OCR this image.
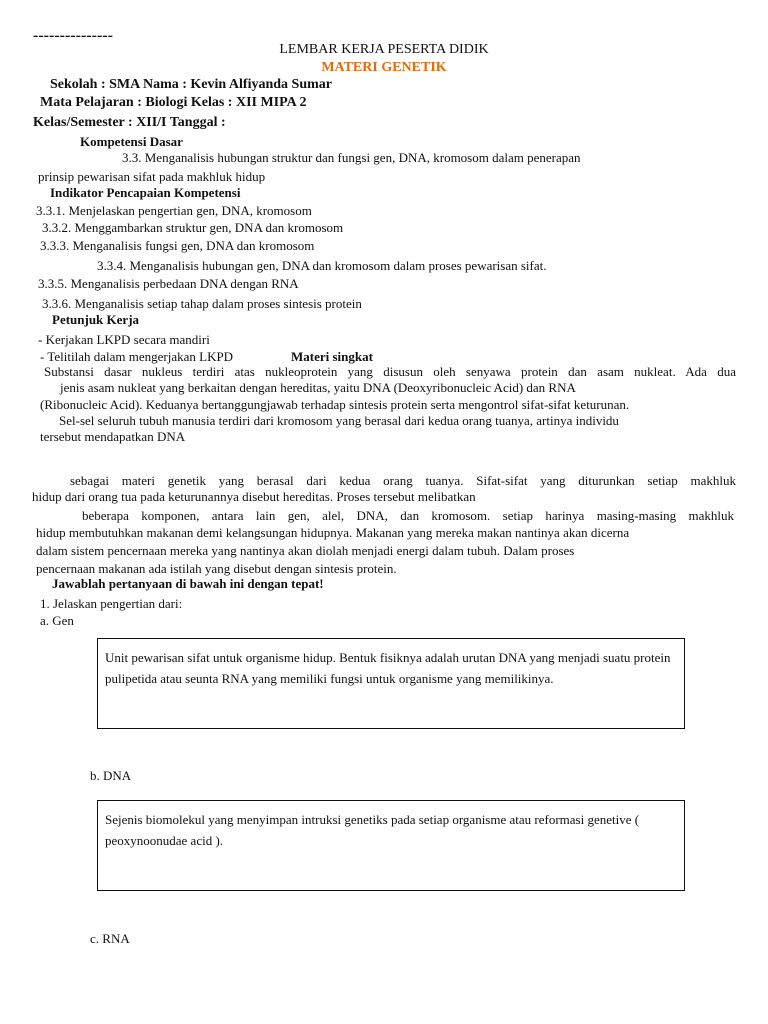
---------------
LEMBAR KERJA PESERTA DIDIK
MATERI GENETIK
Sekolah : SMA Nama : Kevin Alfiyanda Sumar
Mata Pelajaran : Biologi Kelas : XII MIPA 2
Kelas/Semester : XII/I Tanggal :
Kompetensi Dasar
3.3. Menganalisis hubungan struktur dan fungsi gen, DNA, kromosom dalam penerapan
prinsip pewarisan sifat pada makhluk hidup
Indikator Pencapaian Kompetensi
3.3.1. Menjelaskan pengertian gen, DNA, kromosom
3.3.2. Menggambarkan struktur gen, DNA dan kromosom
3.3.3. Menganalisis fungsi gen, DNA dan kromosom
3.3.4. Menganalisis hubungan gen, DNA dan kromosom dalam proses pewarisan sifat.
3.3.5. Menganalisis perbedaan DNA dengan RNA
3.3.6. Menganalisis setiap tahap dalam proses sintesis protein
Petunjuk Kerja
- Kerjakan LKPD secara mandiri
- Telitilah dalam mengerjakan LKPD	Materi singkat
Substansi dasar nukleus terdiri atas nukleoprotein yang disusun oleh senyawa protein dan asam nukleat. Ada dua
jenis asam nukleat yang berkaitan dengan hereditas, yaitu DNA (Deoxyribonucleic Acid) dan RNA
(Ribonucleic Acid). Keduanya bertanggungjawab terhadap sintesis protein serta mengontrol sifat-sifat keturunan.
Sel-sel seluruh tubuh manusia terdiri dari kromosom yang berasal dari kedua orang tuanya, artinya individu
tersebut mendapatkan DNA
sebagai materi genetik yang berasal dari kedua orang tuanya. Sifat-sifat yang diturunkan setiap makhluk
hidup dari orang tua pada keturunannya disebut hereditas. Proses tersebut melibatkan
beberapa komponen, antara lain gen, alel, DNA, dan kromosom. setiap harinya masing-masing makhluk
hidup membutuhkan makanan demi kelangsungan hidupnya. Makanan yang mereka makan nantinya akan dicerna
dalam sistem pencernaan mereka yang nantinya akan diolah menjadi energi dalam tubuh. Dalam proses
pencernaan makanan ada istilah yang disebut dengan sintesis protein.
Jawablah pertanyaan di bawah ini dengan tepat!
1. Jelaskan pengertian dari:
a. Gen
Unit pewarisan sifat untuk organisme hidup. Bentuk fisiknya adalah urutan DNA yang menjadi suatu protein pulipetida atau seunta RNA yang memiliki fungsi untuk organisme yang memilikinya.
b. DNA
Sejenis biomolekul yang menyimpan intruksi genetiks pada setiap organisme atau reformasi genetive ( peoxynoonudae acid ).
c. RNA
